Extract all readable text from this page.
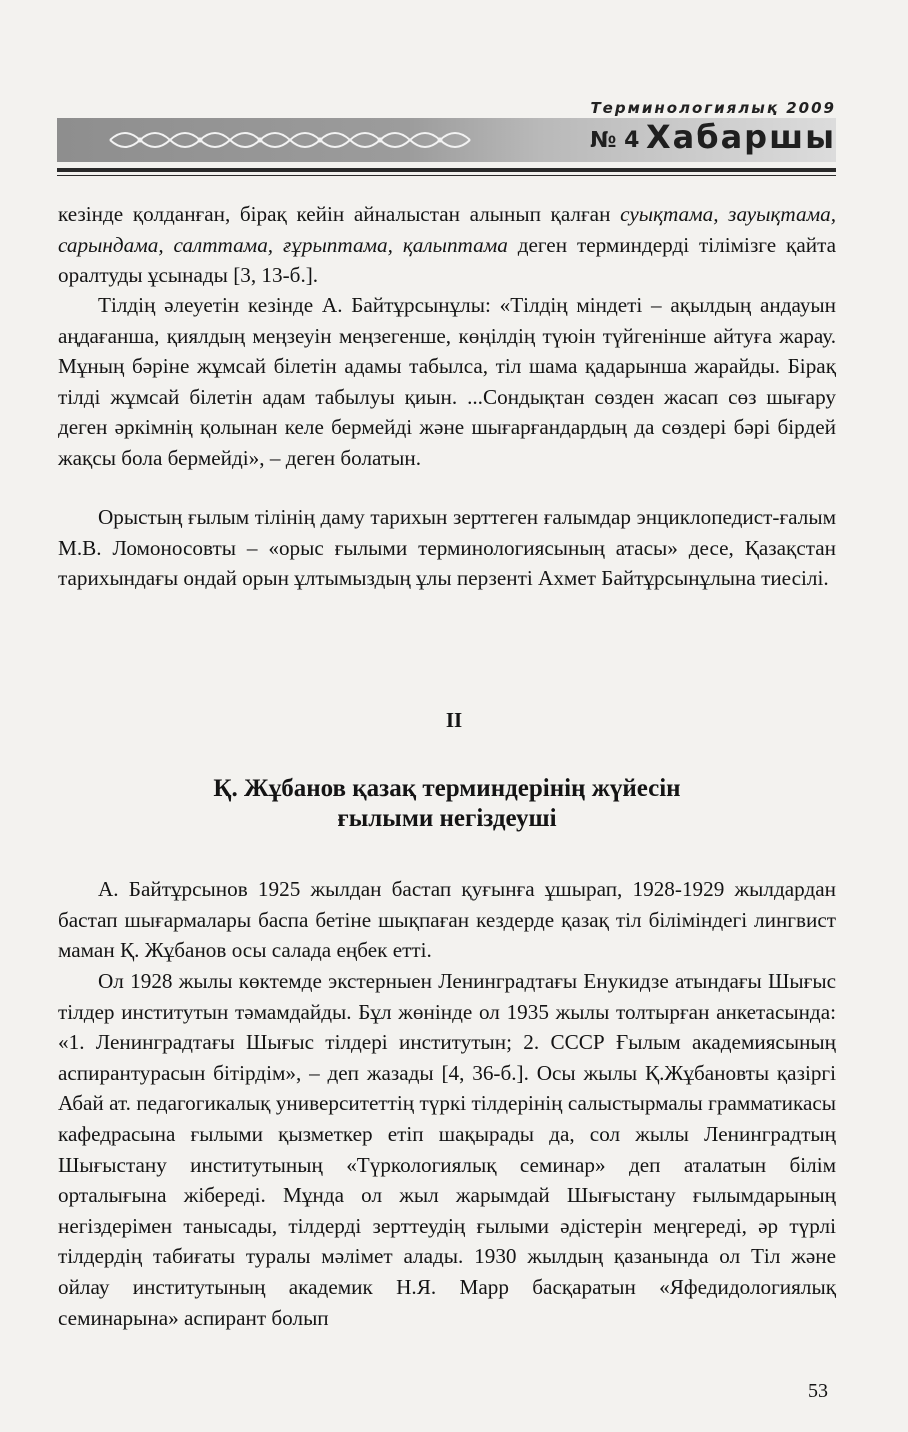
Терминологиялық 2009
№ 4 Хабаршы

кезінде қолданған, бірақ кейін айналыстан алынып қалған суықтама, зауықтама, сарындама, салттама, ғұрыптама, қалыптама деген терминдерді тілімізге қайта оралтуды ұсынады [3, 13-б.].

Тілдің әлеуетін кезінде А. Байтұрсынұлы: «Тілдің міндеті – ақылдың андауын аңдағанша, қиялдың меңзеуін меңзегенше, көңілдің түюін түйгенінше айтуға жарау. Мұның бәріне жұмсай білетін адамы табылса, тіл шама қадарынша жарайды. Бірақ тілді жұмсай білетін адам табылуы қиын. ...Сондықтан сөзден жасап сөз шығару деген әркімнің қолынан келе бермейді және шығарғандардың да сөздері бәрі бірдей жақсы бола бермейді», – деген болатын.

Орыстың ғылым тілінің даму тарихын зерттеген ғалымдар энциклопедист-ғалым М.В. Ломоносовты – «орыс ғылыми терминологиясының атасы» десе, Қазақстан тарихындағы ондай орын ұлтымыздың ұлы перзенті Ахмет Байтұрсынұлына тиесілі.

II
Қ. Жұбанов қазақ терминдерінің жүйесін
ғылыми негіздеуші

А. Байтұрсынов 1925 жылдан бастап қуғынға ұшырап, 1928-1929 жылдардан бастап шығармалары баспа бетіне шықпаған кездерде қазақ тіл біліміндегі лингвист маман Қ. Жұбанов осы салада еңбек етті.

Ол 1928 жылы көктемде экстерныен Ленинградтағы Енукидзе атындағы Шығыс тілдер институтын тәмамдайды. Бұл жөнінде ол 1935 жылы толтырған анкетасында: «1. Ленинградтағы Шығыс тілдері институтын; 2. СССР Ғылым академиясының аспирантурасын бітірдім», – деп жазады [4, 36-б.]. Осы жылы Қ.Жұбановты қазіргі Абай ат. педагогикалық университеттің түркі тілдерінің салыстырмалы грамматикасы кафедрасына ғылыми қызметкер етіп шақырады да, сол жылы Ленинградтың Шығыстану институтының «Түркологиялық семинар» деп аталатын білім орталығына жібереді. Мұнда ол жыл жарымдай Шығыстану ғылымдарының негіздерімен танысады, тілдерді зерттеудің ғылыми әдістерін меңгереді, әр түрлі тілдердің табиғаты туралы мәлімет алады. 1930 жылдың қазанында ол Тіл және ойлау институтының академик Н.Я. Марр басқаратын «Яфедидологиялық семинарына» аспирант болып

53
